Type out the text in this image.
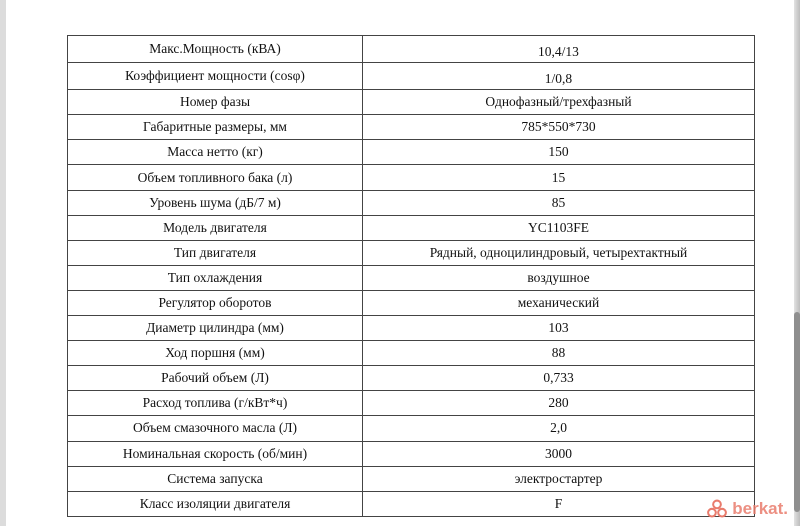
Макс.Мощность (кВА)	10,4/13
Коэффициент мощности (cosφ)	1/0,8
Номер фазы	Однофазный/трехфазный
Габаритные размеры, мм	785*550*730
Масса нетто (кг)	150
Объем топливного бака (л)	15
Уровень шума (дБ/7 м)	85
Модель двигателя	YC1103FE
Тип двигателя	Рядный, одноцилиндровый, четырехтактный
Тип охлаждения	воздушное
Регулятор оборотов	механический
Диаметр цилиндра (мм)	103
Ход поршня (мм)	88
Рабочий объем (Л)	0,733
Расход топлива (г/кВт*ч)	280
Объем смазочного масла (Л)	2,0
Номинальная скорость (об/мин)	3000
Система запуска	электростартер
Класс изоляции двигателя	F	berkat.
